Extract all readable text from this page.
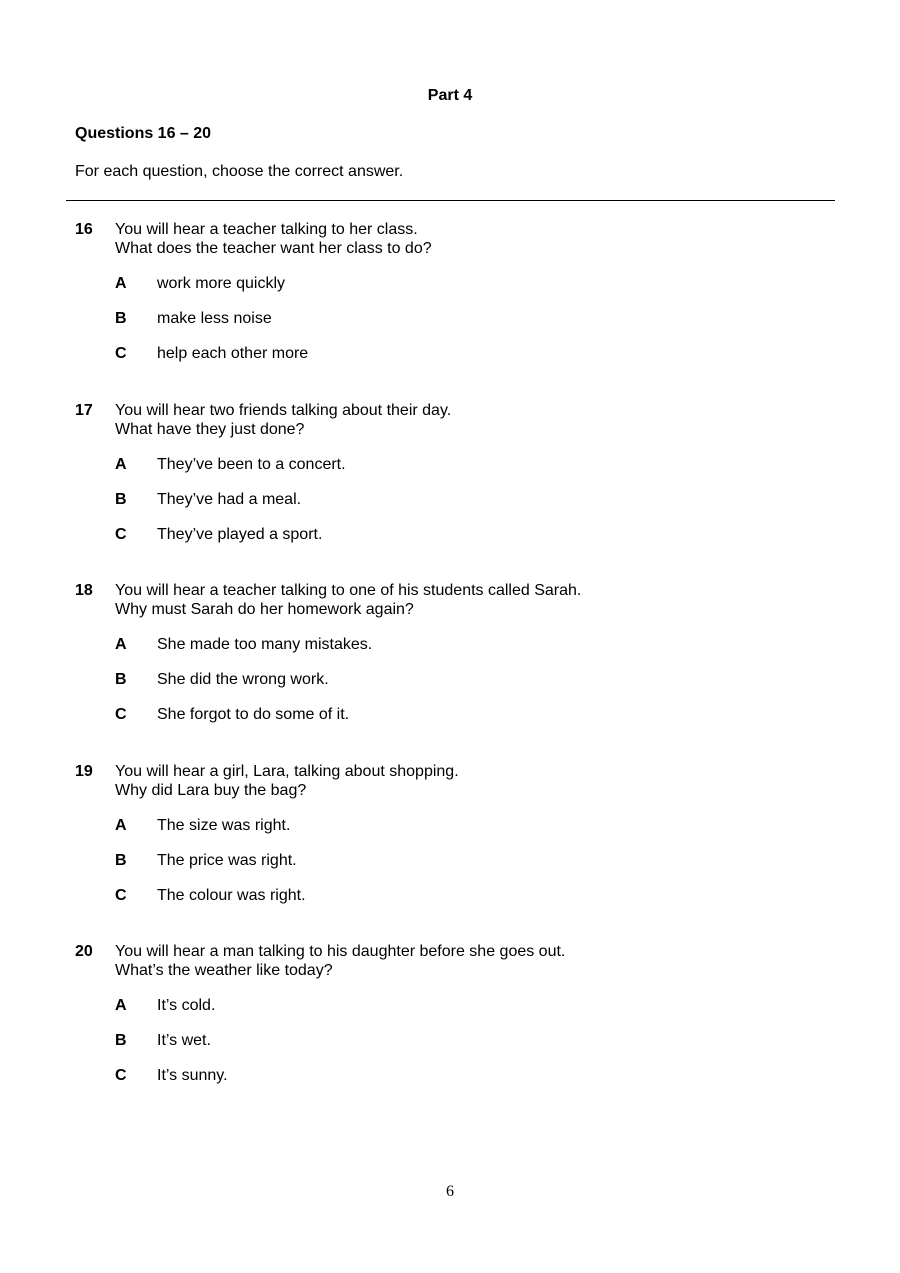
Part 4
Questions 16 – 20
For each question, choose the correct answer.
16 You will hear a teacher talking to her class.
What does the teacher want her class to do?
A work more quickly
B make less noise
C help each other more
17 You will hear two friends talking about their day.
What have they just done?
A They’ve been to a concert.
B They’ve had a meal.
C They’ve played a sport.
18 You will hear a teacher talking to one of his students called Sarah.
Why must Sarah do her homework again?
A She made too many mistakes.
B She did the wrong work.
C She forgot to do some of it.
19 You will hear a girl, Lara, talking about shopping.
Why did Lara buy the bag?
A The size was right.
B The price was right.
C The colour was right.
20 You will hear a man talking to his daughter before she goes out.
What’s the weather like today?
A It’s cold.
B It’s wet.
C It’s sunny.
6
